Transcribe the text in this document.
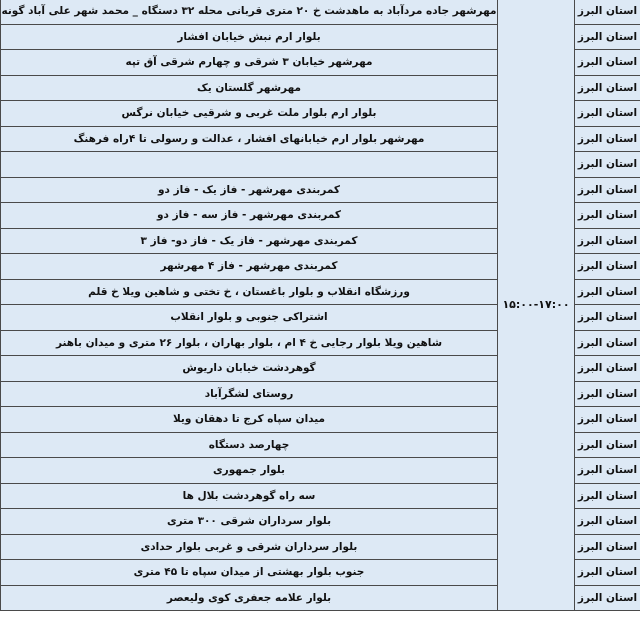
استان البرز	۱۵:۰۰-۱۷:۰۰	مهرشهر جاده مردآباد به ماهدشت خ ۲۰ متری قربانی محله ۳۲ دستگاه _ محمد شهر علی آباد گونه
استان البرز		بلوار ارم نبش خیابان افشار
استان البرز		مهرشهر خیابان ۳ شرقی و چهارم شرقی آق تپه
استان البرز		مهرشهر گلستان یک
استان البرز		بلوار ارم بلوار ملت غربی و شرقیی خیابان نرگس
استان البرز		مهرشهر بلوار ارم خیابانهای افشار ، عدالت و رسولی تا ۴راه فرهنگ
استان البرز		
استان البرز		کمربندی مهرشهر - فاز یک - فاز دو
استان البرز		کمربندی مهرشهر - فاز سه - فاز دو
استان البرز		کمربندی مهرشهر - فاز یک - فاز دو- فاز ۳
استان البرز		کمربندی مهرشهر - فاز ۴ مهرشهر
استان البرز		ورزشگاه انقلاب و بلوار باغستان ، خ تختی و شاهین ویلا خ قلم
استان البرز		اشتراکی جنوبی و بلوار انقلاب
استان البرز		شاهین ویلا بلوار رجایی خ ۴ ام ، بلوار بهاران ، بلوار ۲۶ متری و میدان باهنر
استان البرز		گوهردشت خیابان داریوش
استان البرز		روستای لشگرآباد
استان البرز		میدان سپاه کرج تا دهقان ویلا
استان البرز		چهارصد دستگاه
استان البرز		بلوار جمهوری
استان البرز		سه راه گوهردشت بلال ها
استان البرز		بلوار سرداران شرقی ۳۰۰ متری
استان البرز		بلوار سرداران شرقی و غربی بلوار حدادی
استان البرز		جنوب بلوار بهشتی از میدان سپاه تا ۴۵ متری
استان البرز		بلوار علامه جعفری کوی ولیعصر
